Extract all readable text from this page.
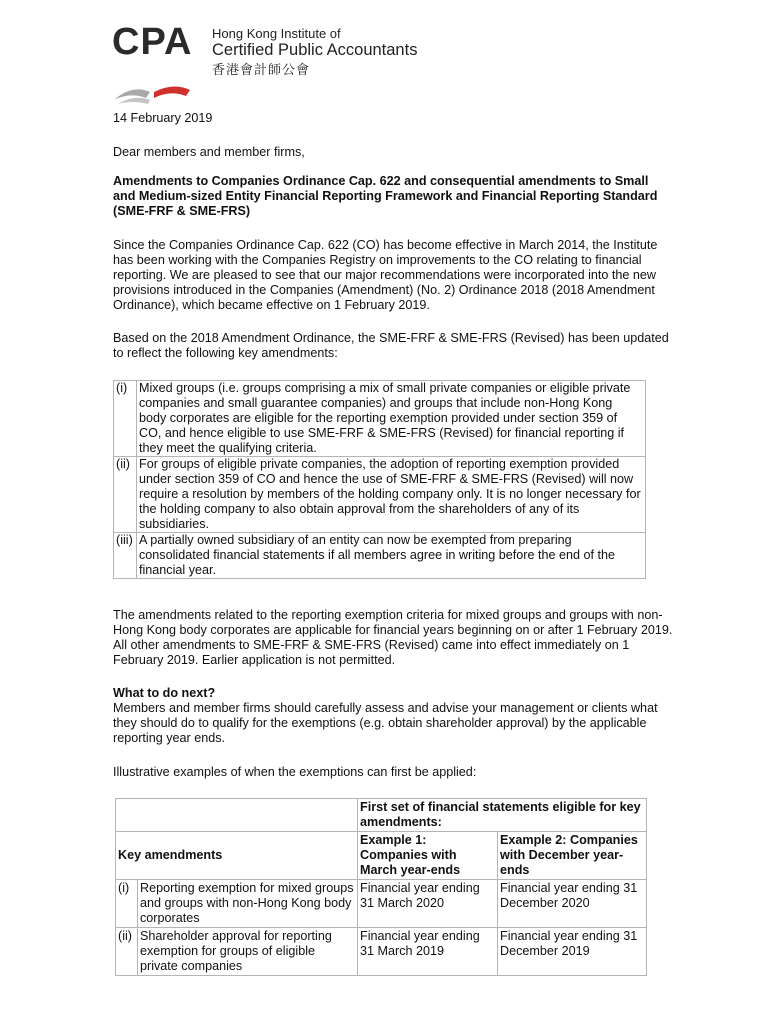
CPA Hong Kong Institute of
Certified Public Accountants
香港會計師公會
14 February 2019
Dear members and member firms,
Amendments to Companies Ordinance Cap. 622 and consequential amendments to Small and Medium-sized Entity Financial Reporting Framework and Financial Reporting Standard (SME-FRF & SME-FRS)
Since the Companies Ordinance Cap. 622 (CO) has become effective in March 2014, the Institute has been working with the Companies Registry on improvements to the CO relating to financial reporting. We are pleased to see that our major recommendations were incorporated into the new provisions introduced in the Companies (Amendment) (No. 2) Ordinance 2018 (2018 Amendment Ordinance), which became effective on 1 February 2019.
Based on the 2018 Amendment Ordinance, the SME-FRF & SME-FRS (Revised) has been updated to reflect the following key amendments:
(i)	Mixed groups (i.e. groups comprising a mix of small private companies or eligible private companies and small guarantee companies) and groups that include non-Hong Kong body corporates are eligible for the reporting exemption provided under section 359 of CO, and hence eligible to use SME-FRF & SME-FRS (Revised) for financial reporting if they meet the qualifying criteria.
(ii)	For groups of eligible private companies, the adoption of reporting exemption provided under section 359 of CO and hence the use of SME-FRF & SME-FRS (Revised) will now require a resolution by members of the holding company only. It is no longer necessary for the holding company to also obtain approval from the shareholders of any of its subsidiaries.
(iii)	A partially owned subsidiary of an entity can now be exempted from preparing consolidated financial statements if all members agree in writing before the end of the financial year.
The amendments related to the reporting exemption criteria for mixed groups and groups with non-Hong Kong body corporates are applicable for financial years beginning on or after 1 February 2019. All other amendments to SME-FRF & SME-FRS (Revised) came into effect immediately on 1 February 2019. Earlier application is not permitted.
What to do next?
Members and member firms should carefully assess and advise your management or clients what they should do to qualify for the exemptions (e.g. obtain shareholder approval) by the applicable reporting year ends.
Illustrative examples of when the exemptions can first be applied:
		First set of financial statements eligible for key amendments:	
Key amendments		Example 1: Companies with March year-ends	Example 2: Companies with December year-ends
(i)	Reporting exemption for mixed groups and groups with non-Hong Kong body corporates	Financial year ending 31 March 2020	Financial year ending 31 December 2020
(ii)	Shareholder approval for reporting exemption for groups of eligible private companies	Financial year ending 31 March 2019	Financial year ending 31 December 2019
